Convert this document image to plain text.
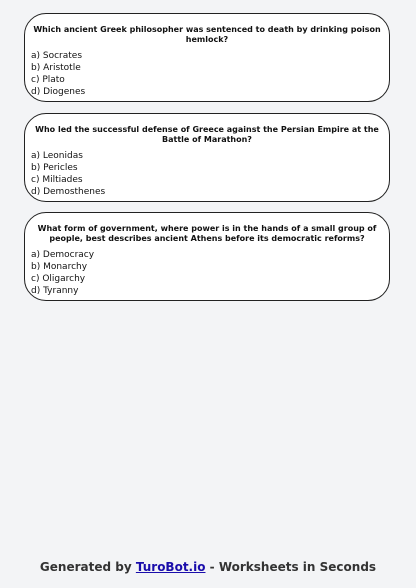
Which ancient Greek philosopher was sentenced to death by drinking poison hemlock?

a) Socrates
b) Aristotle
c) Plato
d) Diogenes

Who led the successful defense of Greece against the Persian Empire at the Battle of Marathon?

a) Leonidas
b) Pericles
c) Miltiades
d) Demosthenes

What form of government, where power is in the hands of a small group of people, best describes ancient Athens before its democratic reforms?

a) Democracy
b) Monarchy
c) Oligarchy
d) Tyranny
Generated by TuroBot.io - Worksheets in Seconds
